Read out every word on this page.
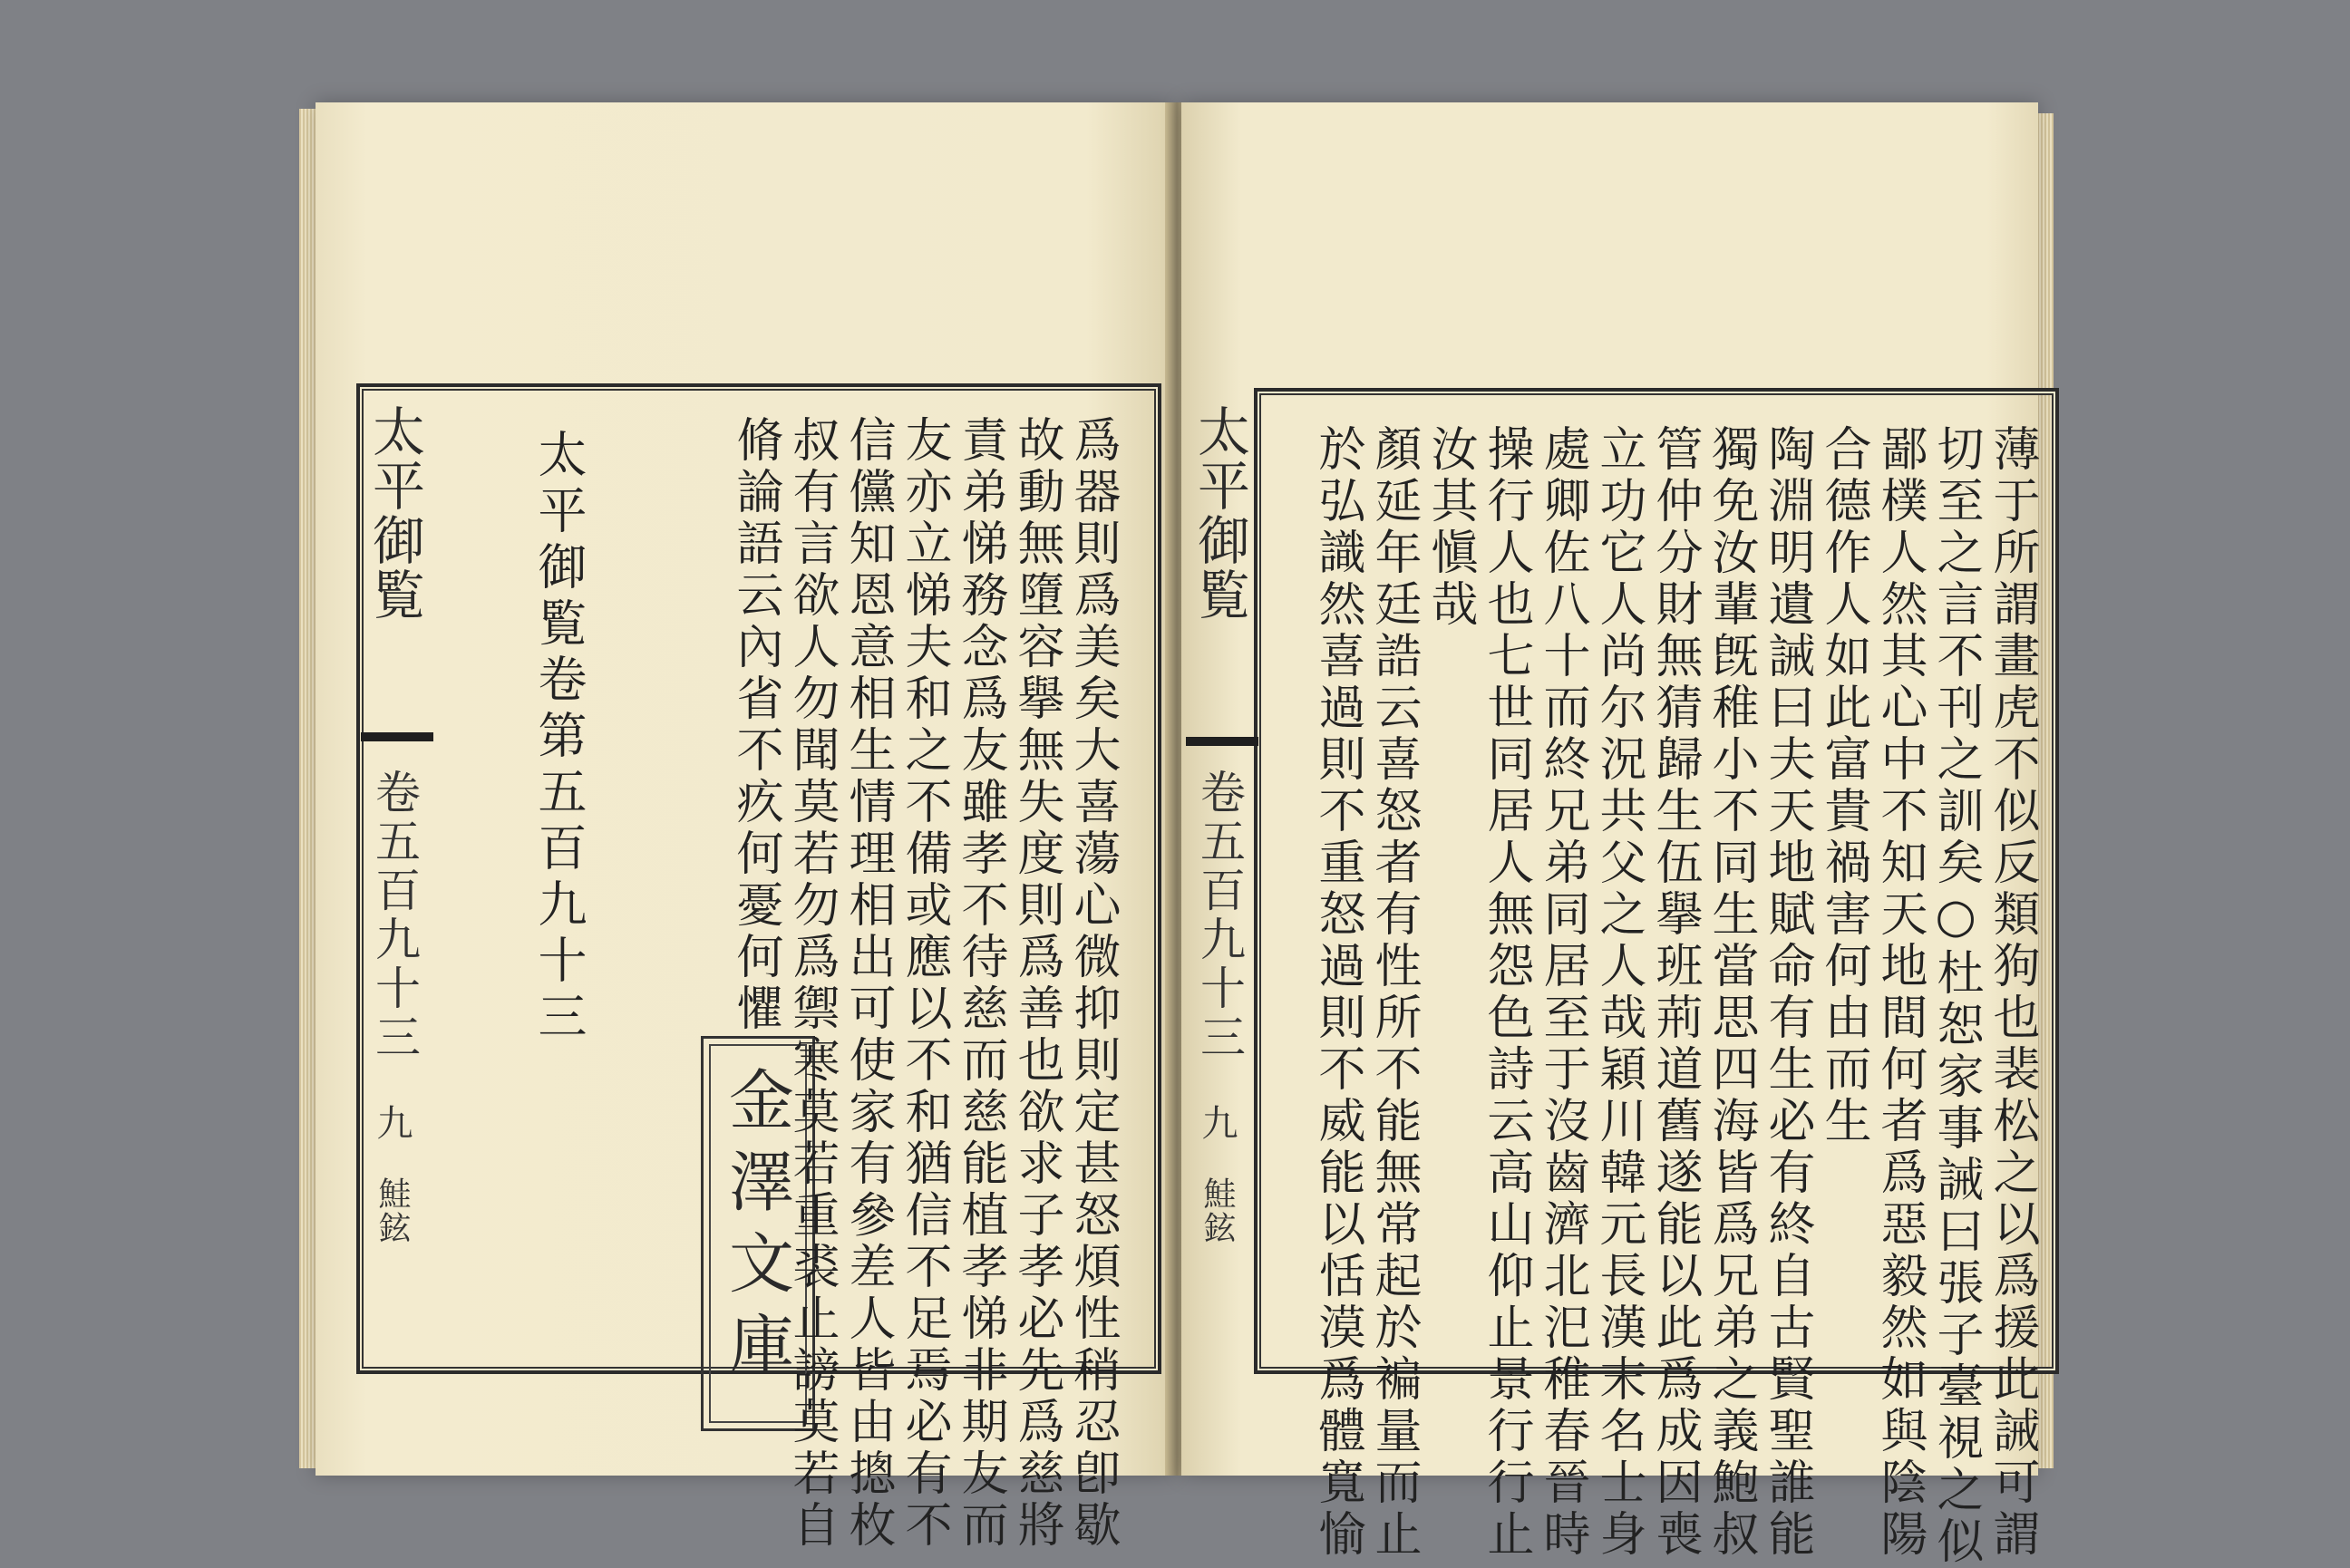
太平御覧
卷五百九十三
九
鮭鉉
太平御覧卷第五百九十三
金澤文庫	爲器則爲美矣大喜蕩心微抑則定甚怒煩性稍忍卽歇
故動無墮容擧無失度則爲善也欲求子孝必先爲慈將
責弟悌務念爲友雖孝不待慈而慈能植孝悌非期友而
友亦立悌夫和之不備或應以不和猶信不足焉必有不
信儻知恩意相生情理相出可使家有參差人皆由摠枚
叔有言欲人勿聞莫若勿爲禦寒莫若重裘止謗莫若自
脩論語云內省不疚何憂何懼	薄于所謂畫虎不似反類狗也裴松之以爲援此誡可謂
切至之言不刊之訓矣○杜恕家事誡曰張子臺視之似
鄙樸人然其心中不知天地間何者爲惡毅然如與陰陽
合德作人如此富貴禍害何由而生
陶淵明遺誡曰夫天地賦命有生必有終自古賢聖誰能
獨免汝輩旣稚小不同生當思四海皆爲兄弟之義鮑叔
管仲分財無猜歸生伍擧班荊道舊遂能以此爲成因喪
立功它人尚尔況共父之人哉穎川韓元長漢末名士身
處卿佐八十而終兄弟同居至于沒齒濟北汜稚春晉時
操行人也七世同居人無怨色詩云高山仰止景行行止
汝其愼哉
顏延年廷誥云喜怒者有性所不能無常起於褊量而止
於弘識然喜過則不重怒過則不威能以恬漠爲體寬愉
太平御覧
卷五百九十三
九
鮭鉉
